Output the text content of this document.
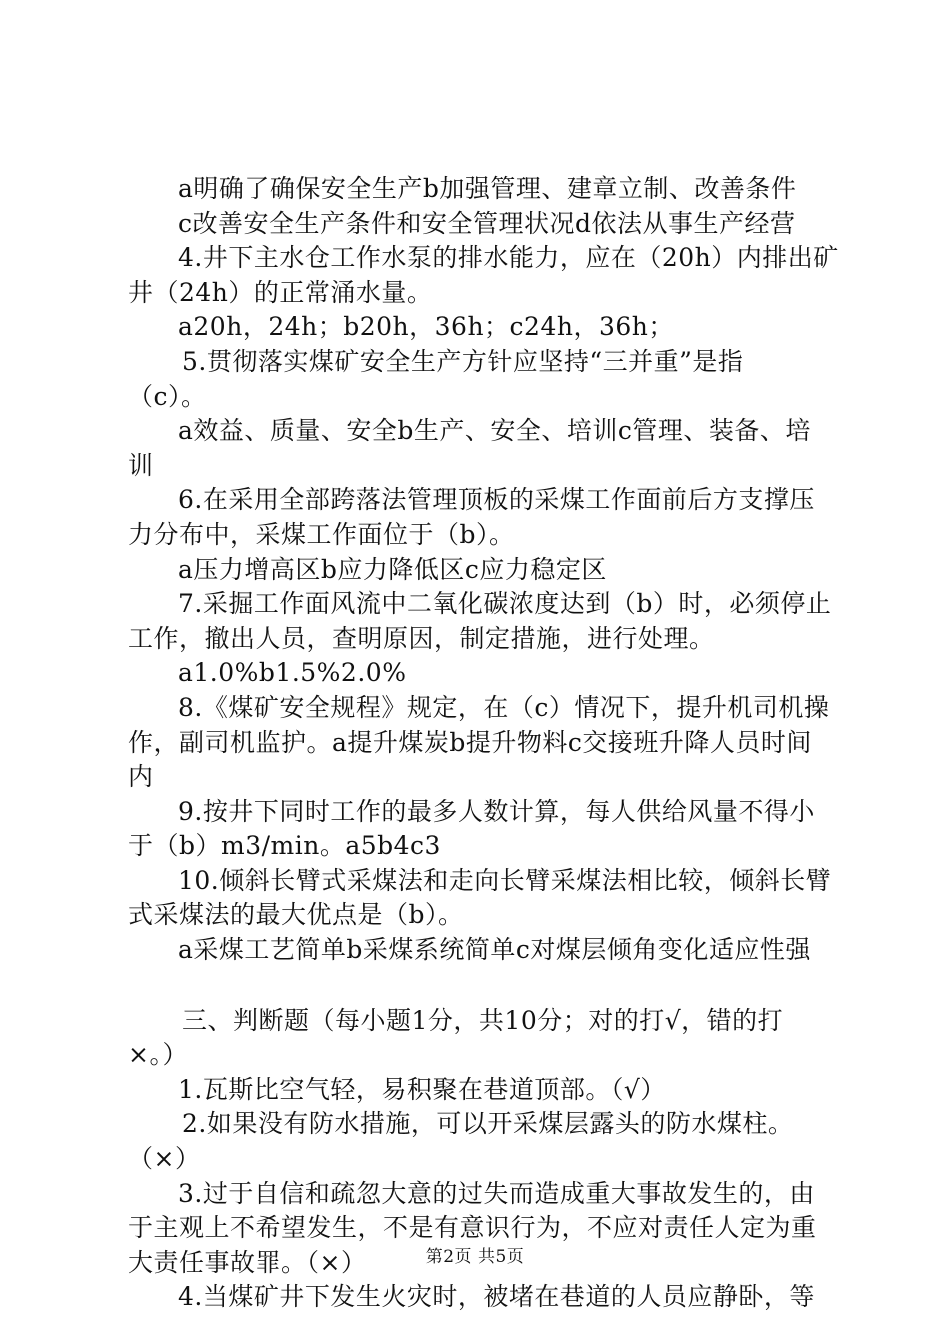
a明确了确保安全生产b加强管理、建章立制、改善条件
c改善安全生产条件和安全管理状况d依法从事生产经营
4.井下主水仓工作水泵的排水能力，应在（20h）内排出矿
井（24h）的正常涌水量。
a20h，24h；b20h，36h；c24h，36h；
5.贯彻落实煤矿安全生产方针应坚持“三并重”是指
（c）。
a效益、质量、安全b生产、安全、培训c管理、装备、培
训
6.在采用全部跨落法管理顶板的采煤工作面前后方支撑压
力分布中，采煤工作面位于（b）。
a压力增高区b应力降低区c应力稳定区
7.采掘工作面风流中二氧化碳浓度达到（b）时，必须停止
工作，撤出人员，查明原因，制定措施，进行处理。
a1.0%b1.5%2.0%
8.《煤矿安全规程》规定，在（c）情况下，提升机司机操
作，副司机监护。a提升煤炭b提升物料c交接班升降人员时间
内
9.按井下同时工作的最多人数计算，每人供给风量不得小
于（b）m3/min。a5b4c3
10.倾斜长臂式采煤法和走向长臂采煤法相比较，倾斜长臂
式采煤法的最大优点是（b）。
a采煤工艺简单b采煤系统简单c对煤层倾角变化适应性强
三、判断题（每小题1分，共10分；对的打√，错的打
×。）
1.瓦斯比空气轻，易积聚在巷道顶部。（√）
2.如果没有防水措施，可以开采煤层露头的防水煤柱。
（×）
3.过于自信和疏忽大意的过失而造成重大事故发生的，由
于主观上不希望发生，不是有意识行为，不应对责任人定为重
大责任事故罪。（×）
4.当煤矿井下发生火灾时，被堵在巷道的人员应静卧，等
第2页 共5页
